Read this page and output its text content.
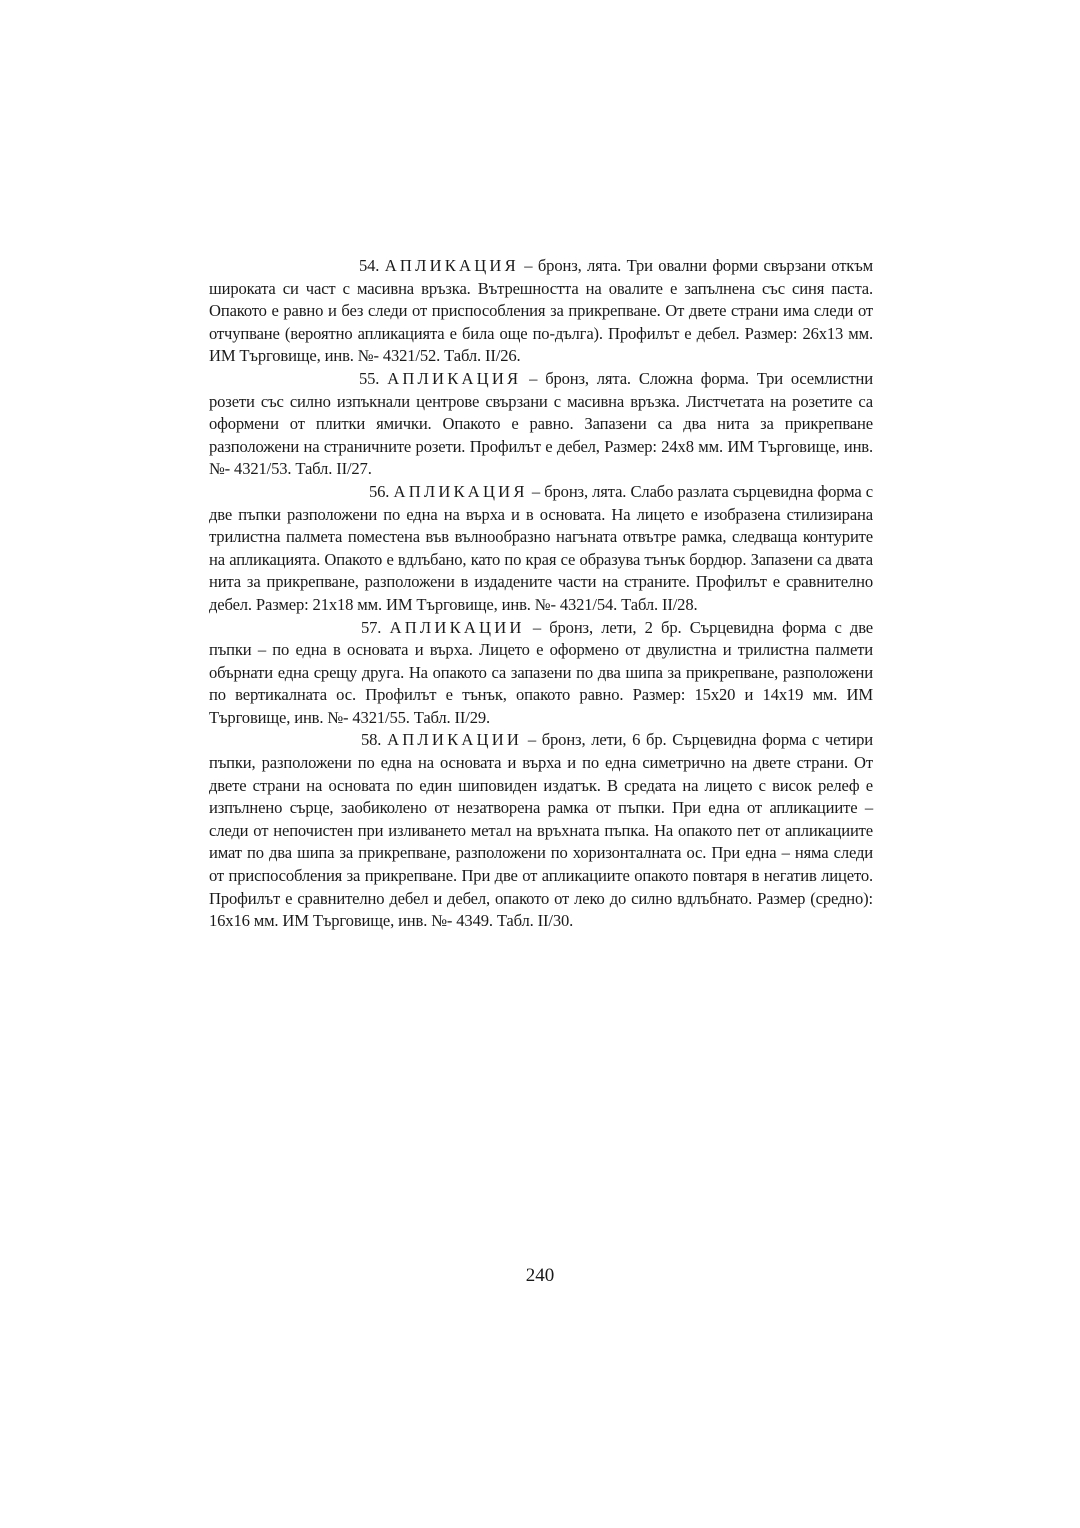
54. АПЛИКАЦИЯ – бронз, лята. Три овални форми свързани откъм широката си част с масивна връзка. Вътрешността на овалите е запълнена със синя паста. Опакото е равно и без следи от приспособления за прикрепване. От двете страни има следи от отчупване (вероятно апликацията е била още по-дълга). Профилът е дебел. Размер: 26x13 мм. ИМ Търговище, инв. №- 4321/52. Табл. II/26.

55. АПЛИКАЦИЯ – бронз, лята. Сложна форма. Три осемлистни розети със силно изпъкнали центрове свързани с масивна връзка. Листчетата на розетите са оформени от плитки ямички. Опакото е равно. Запазени са два нита за прикрепване разположени на страничните розети. Профилът е дебел, Размер: 24x8 мм. ИМ Търговище, инв. №- 4321/53. Табл. II/27.

56. АПЛИКАЦИЯ – бронз, лята. Слабо разлата сърцевидна форма с две пъпки разположени по една на върха и в основата. На лицето е изобразена стилизирана трилистна палмета поместена във вълнообразно нагъната отвътре рамка, следваща контурите на апликацията. Опакото е вдлъбано, като по края се образува тънък бордюр. Запазени са двата нита за прикрепване, разположени в издадените части на страните. Профилът е сравнително дебел. Размер: 21x18 мм. ИМ Търговище, инв. №- 4321/54. Табл. II/28.

57. АПЛИКАЦИИ – бронз, лети, 2 бр. Сърцевидна форма с две пъпки – по една в основата и върха. Лицето е оформено от двулистна и трилистна палмети обърнати една срещу друга. На опакото са запазени по два шипа за прикрепване, разположени по вертикалната ос. Профилът е тънък, опакото равно. Размер: 15x20 и 14x19 мм. ИМ Търговище, инв. №- 4321/55. Табл. II/29.

58. АПЛИКАЦИИ – бронз, лети, 6 бр. Сърцевидна форма с четири пъпки, разположени по една на основата и върха и по една симетрично на двете страни. От двете страни на основата по един шиповиден издатък. В средата на лицето с висок релеф е изпълнено сърце, заобиколено от незатворена рамка от пъпки. При една от апликациите – следи от непочистен при изливането метал на връхната пъпка. На опакото пет от апликациите имат по два шипа за прикрепване, разположени по хоризонталната ос. При една – няма следи от приспособления за прикрепване. При две от апликациите опакото повтаря в негатив лицето. Профилът е сравнително дебел и дебел, опакото от леко до силно вдлъбнато. Размер (средно): 16x16 мм. ИМ Търговище, инв. №- 4349. Табл. II/30.

240
